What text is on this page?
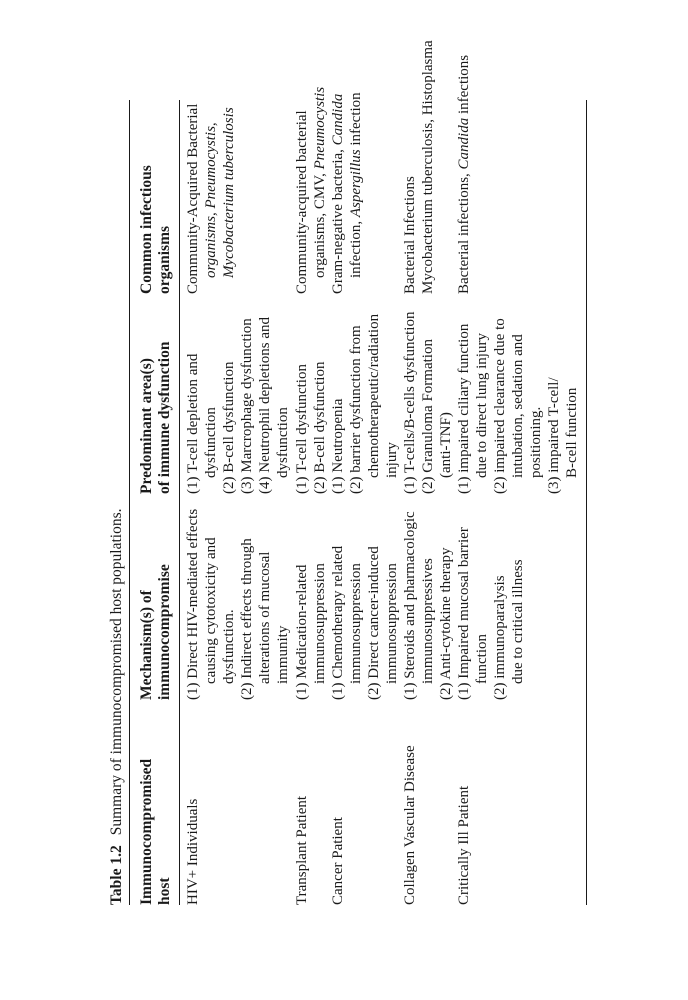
Table 1.2Summary of immunocompromised host populations. Immunocompromised host
Mechanism(s) of immunocompromise
Predominant area(s) of immune dysfunction
Common infectious organisms
HIV+ Individuals
(1) Direct HIV-mediated effects causing cytotoxicity and dysfunction. (2) Indirect effects through alterations of mucosal immunity
(1) T-cell depletion and dysfunction (2) B-cell dysfunction (3) Marcrophage dysfunction (4) Neutrophil depletions and dysfunction
Community-Acquired Bacterial organisms, Pneumocystis, Mycobacterium tuberculosis
Transplant Patient
(1) Medication-related immunosuppression
(1) T-cell dysfunction (2) B-cell dysfunction
Community-acquired bacterial organisms, CMV, Pneumocystis
Cancer Patient
(1) Chemotherapy related immunosuppression (2) Direct cancer-induced immunosuppression
(1) Neutropenia (2) barrier dysfunction from chemotherapeutic/radiation injury
Gram-negative bacteria, Candida
infection, Aspergillus infection
Collagen Vascular Disease
(1) Steroids and pharmacologic immunosuppressives (2) Anti-cytokine therapy
(1) T-cells/B-cells dysfunction (2) Granuloma Formation (anti-TNF)
Bacterial Infections Mycobacterium tuberculosis, Histoplasma
Critically Ill Patient
(1) Impaired mucosal barrier function (2) immunoparalysis due to critical illness
(1) impaired ciliary function due to direct lung injury (2) impaired clearance due to intubation, sedation and positioning. (3) impaired T-cell/ B-cell function
Bacterial infections, Candida infections
